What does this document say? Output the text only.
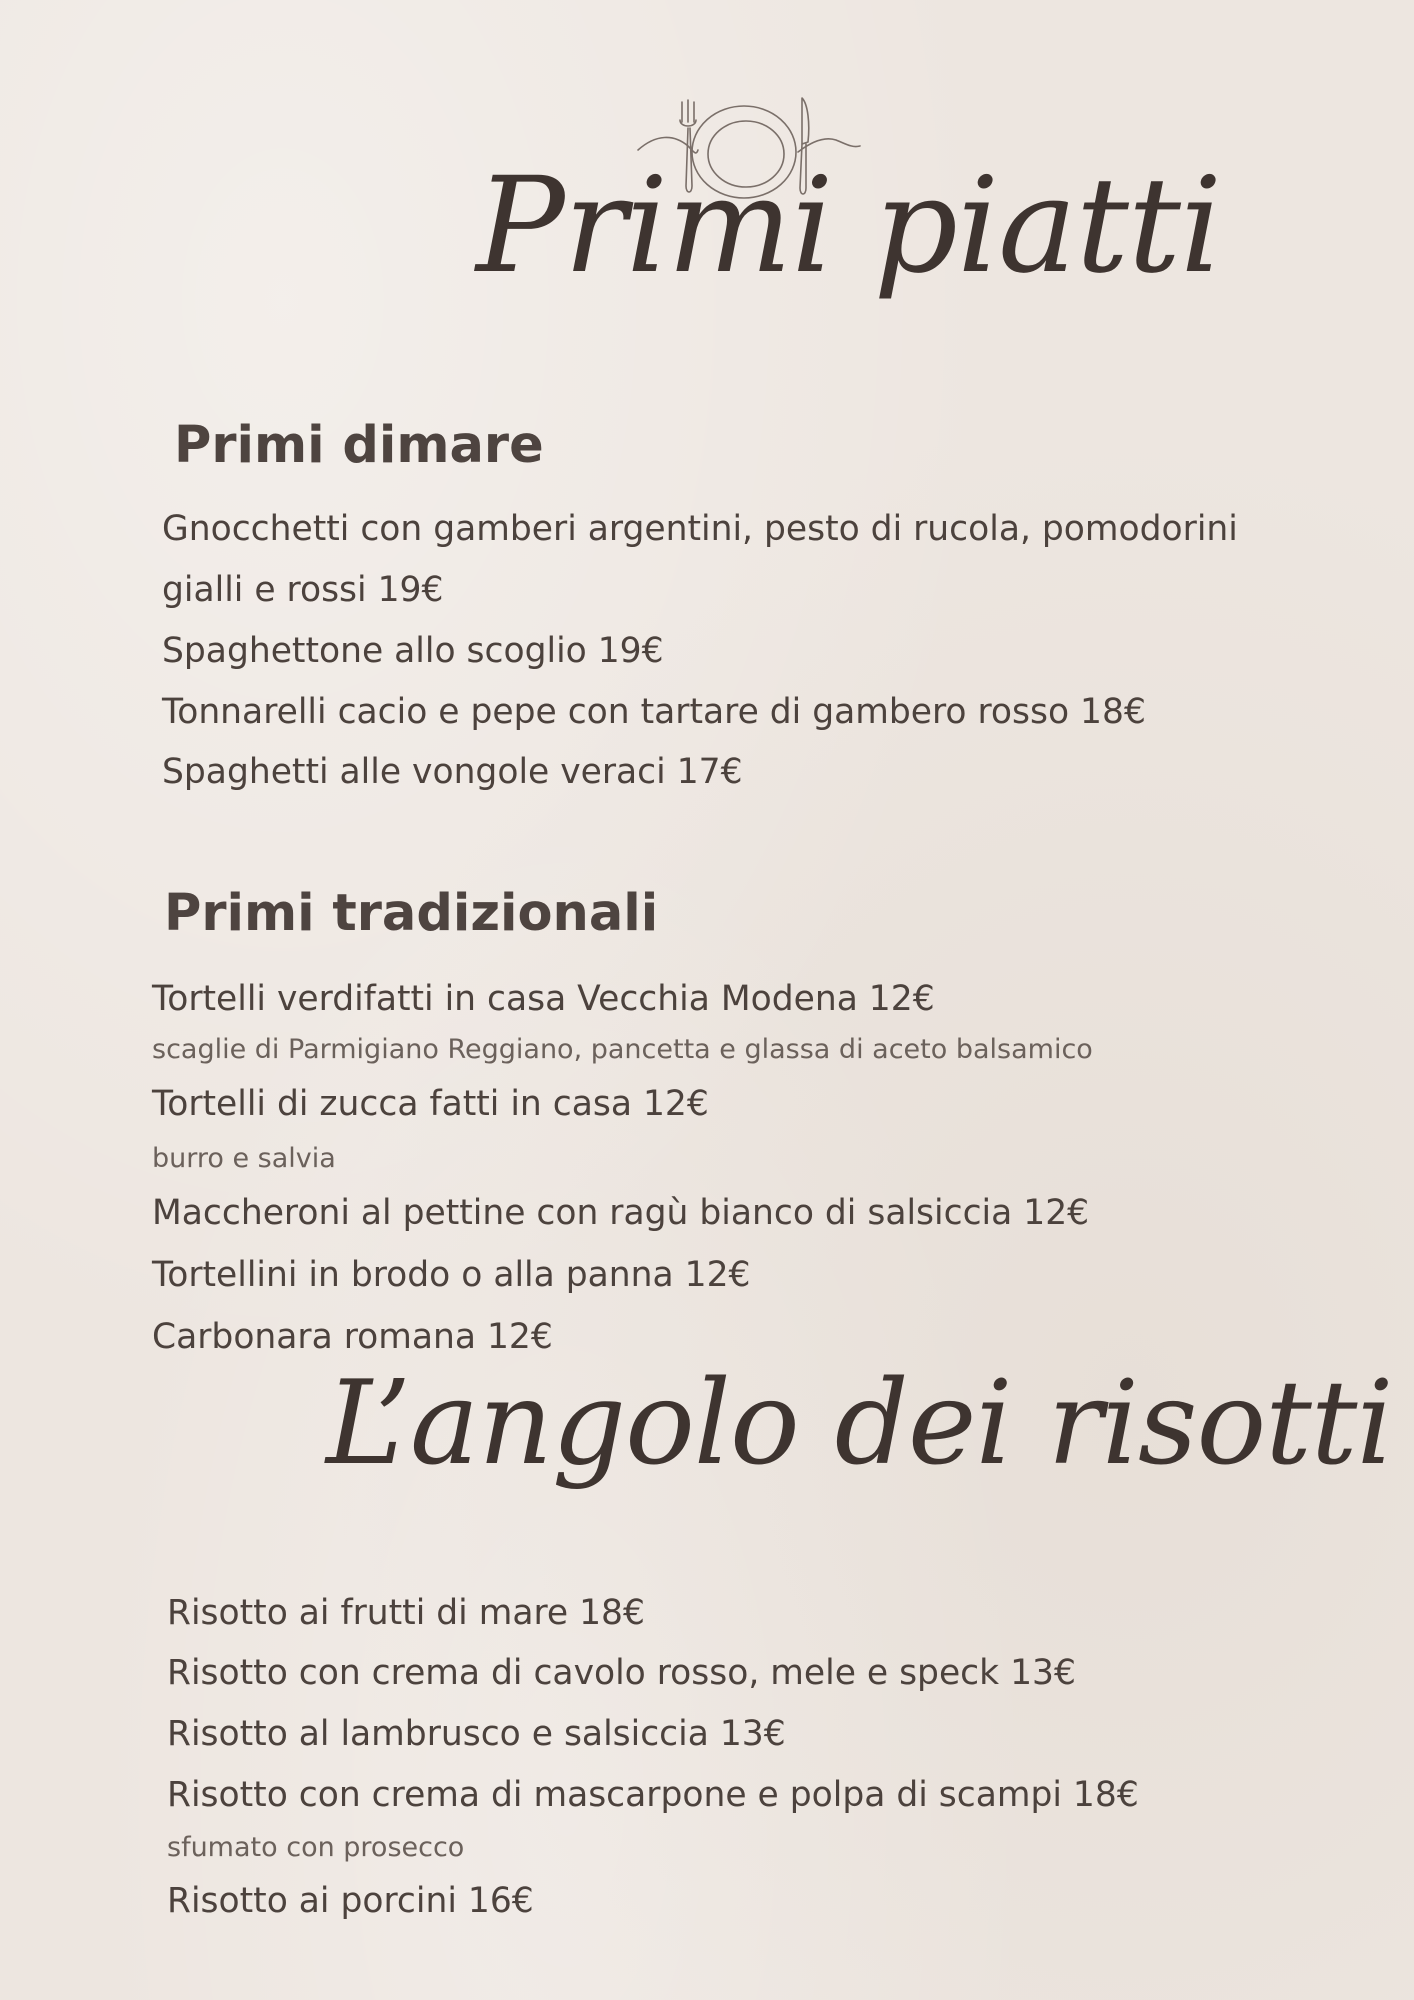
Primi piatti
Primi dimare
Gnocchetti con gamberi argentini, pesto di rucola, pomodorini
gialli e rossi 19€
Spaghettone allo scoglio 19€
Tonnarelli cacio e pepe con tartare di gambero rosso 18€
Spaghetti alle vongole veraci 17€
Primi tradizionali
Tortelli verdifatti in casa Vecchia Modena 12€
scaglie di Parmigiano Reggiano, pancetta e glassa di aceto balsamico
Tortelli di zucca fatti in casa 12€
burro e salvia
Maccheroni al pettine con ragù bianco di salsiccia 12€
Tortellini in brodo o alla panna 12€
Carbonara romana 12€
L’angolo dei risotti
Risotto ai frutti di mare 18€
Risotto con crema di cavolo rosso, mele e speck 13€
Risotto al lambrusco e salsiccia 13€
Risotto con crema di mascarpone e polpa di scampi 18€
sfumato con prosecco
Risotto ai porcini 16€
